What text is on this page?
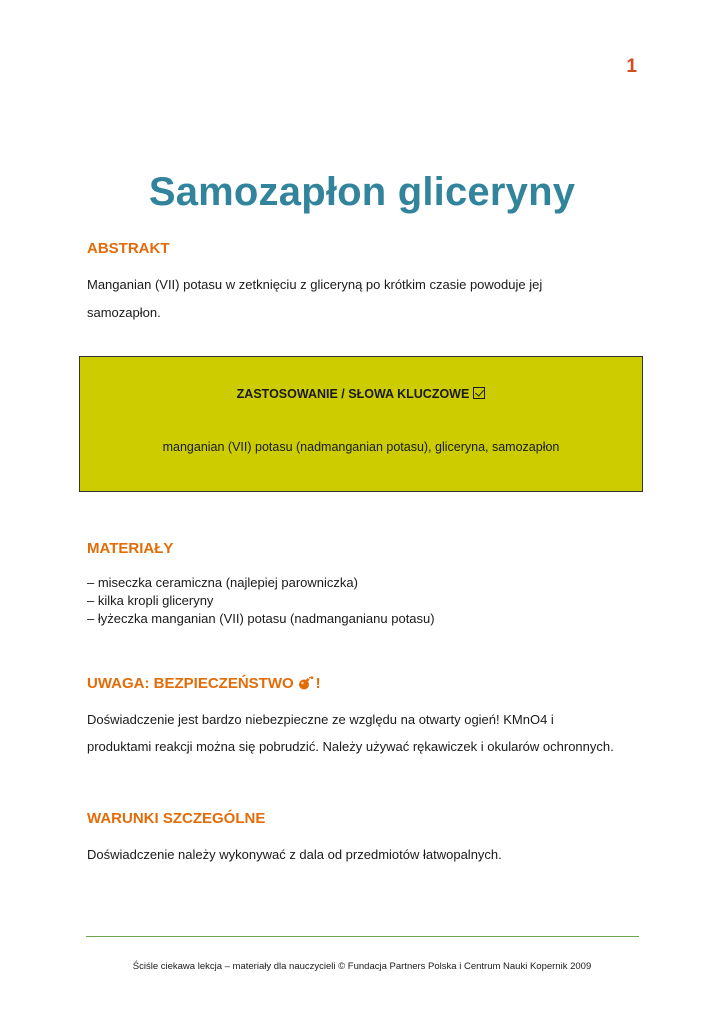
1
Samozapłon gliceryny
ABSTRAKT

Manganian (VII) potasu w zetknięciu z gliceryną po krótkim czasie powoduje jej

samozapłon.

ZASTOSOWANIE / SŁOWA KLUCZOWE
manganian (VII) potasu (nadmanganian potasu), gliceryna, samozapłon
MATERIAŁY
– miseczka ceramiczna (najlepiej parowniczka)
– kilka kropli gliceryny
– łyżeczka manganian (VII) potasu (nadmanganianu potasu)
UWAGA: BEZPIECZEŃSTWO !

Doświadczenie jest bardzo niebezpieczne ze względu na otwarty ogień! KMnO4 i

produktami reakcji można się pobrudzić. Należy używać rękawiczek i okularów ochronnych.

WARUNKI SZCZEGÓLNE

Doświadczenie należy wykonywać z dala od przedmiotów łatwopalnych.

Ściśle ciekawa lekcja – materiały dla nauczycieli © Fundacja Partners Polska i Centrum Nauki Kopernik 2009
